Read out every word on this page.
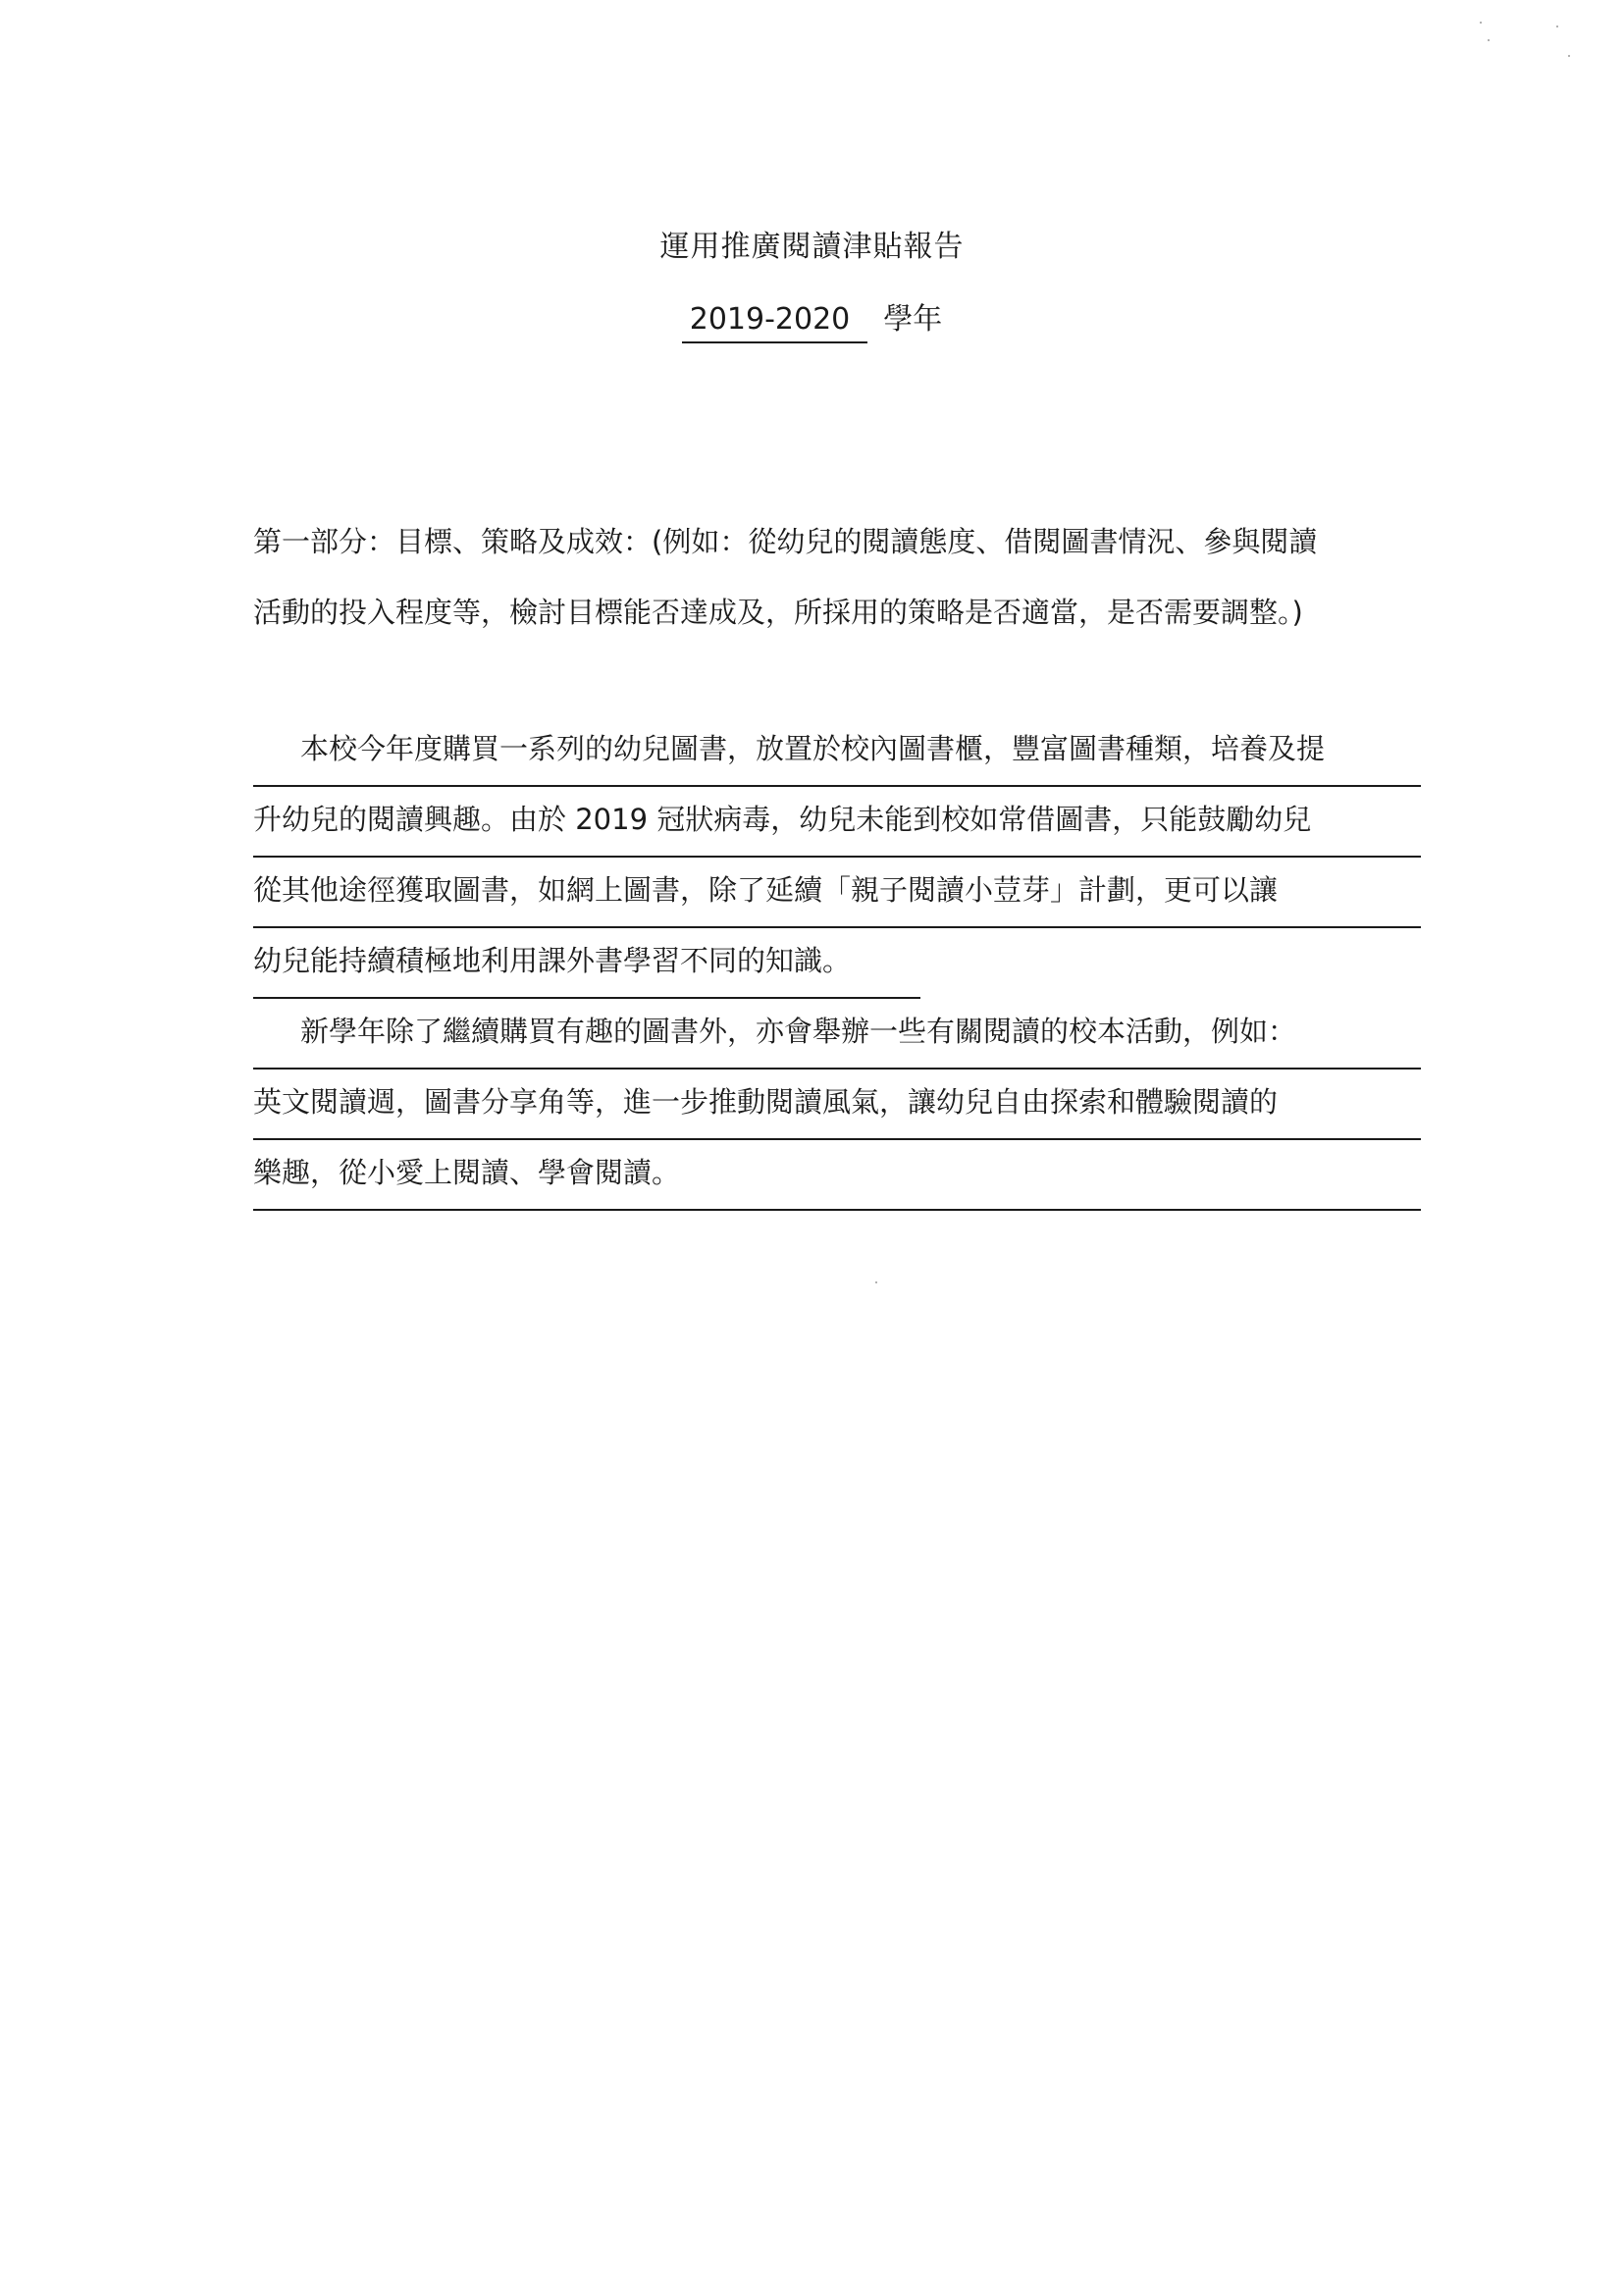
運用推廣閱讀津貼報告
2019-2020 學年
第一部分：目標、策略及成效：(例如：從幼兒的閱讀態度、借閱圖書情況、參與閱讀
活動的投入程度等，檢討目標能否達成及，所採用的策略是否適當，是否需要調整。)
本校今年度購買一系列的幼兒圖書，放置於校內圖書櫃，豐富圖書種類，培養及提
升幼兒的閱讀興趣。由於 2019 冠狀病毒，幼兒未能到校如常借圖書，只能鼓勵幼兒
從其他途徑獲取圖書，如網上圖書，除了延續「親子閱讀小荳芽」計劃，更可以讓
幼兒能持續積極地利用課外書學習不同的知識。
新學年除了繼續購買有趣的圖書外，亦會舉辦一些有關閱讀的校本活動，例如：
英文閱讀週，圖書分享角等，進一步推動閱讀風氣，讓幼兒自由探索和體驗閱讀的
樂趣，從小愛上閱讀、學會閱讀。
